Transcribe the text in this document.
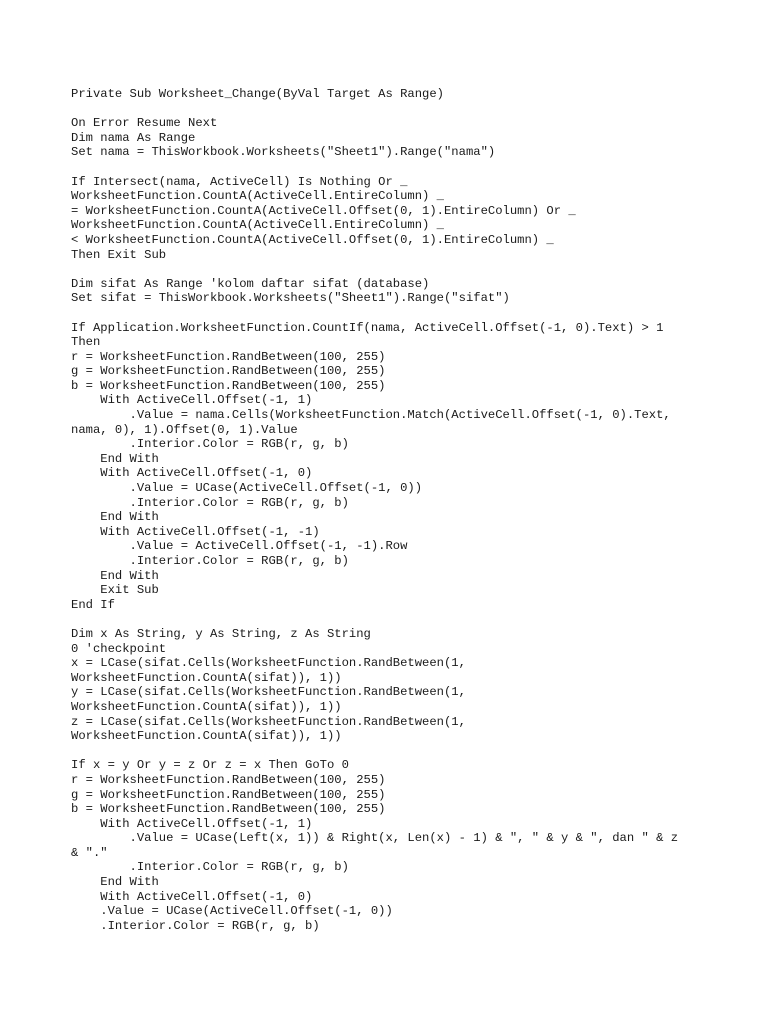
Private Sub Worksheet_Change(ByVal Target As Range)
On Error Resume Next
Dim nama As Range
Set nama = ThisWorkbook.Worksheets("Sheet1").Range("nama")
If Intersect(nama, ActiveCell) Is Nothing Or _
WorksheetFunction.CountA(ActiveCell.EntireColumn) _
= WorksheetFunction.CountA(ActiveCell.Offset(0, 1).EntireColumn) Or _
WorksheetFunction.CountA(ActiveCell.EntireColumn) _
< WorksheetFunction.CountA(ActiveCell.Offset(0, 1).EntireColumn) _
Then Exit Sub
Dim sifat As Range 'kolom daftar sifat (database)
Set sifat = ThisWorkbook.Worksheets("Sheet1").Range("sifat")
If Application.WorksheetFunction.CountIf(nama, ActiveCell.Offset(-1, 0).Text) > 1
Then
r = WorksheetFunction.RandBetween(100, 255)
g = WorksheetFunction.RandBetween(100, 255)
b = WorksheetFunction.RandBetween(100, 255)
With ActiveCell.Offset(-1, 1)
.Value = nama.Cells(WorksheetFunction.Match(ActiveCell.Offset(-1, 0).Text,
nama, 0), 1).Offset(0, 1).Value
.Interior.Color = RGB(r, g, b)
End With
With ActiveCell.Offset(-1, 0)
.Value = UCase(ActiveCell.Offset(-1, 0))
.Interior.Color = RGB(r, g, b)
End With
With ActiveCell.Offset(-1, -1)
.Value = ActiveCell.Offset(-1, -1).Row
.Interior.Color = RGB(r, g, b)
End With
Exit Sub
End If
Dim x As String, y As String, z As String
0 'checkpoint
x = LCase(sifat.Cells(WorksheetFunction.RandBetween(1,
WorksheetFunction.CountA(sifat)), 1))
y = LCase(sifat.Cells(WorksheetFunction.RandBetween(1,
WorksheetFunction.CountA(sifat)), 1))
z = LCase(sifat.Cells(WorksheetFunction.RandBetween(1,
WorksheetFunction.CountA(sifat)), 1))
If x = y Or y = z Or z = x Then GoTo 0
r = WorksheetFunction.RandBetween(100, 255)
g = WorksheetFunction.RandBetween(100, 255)
b = WorksheetFunction.RandBetween(100, 255)
With ActiveCell.Offset(-1, 1)
.Value = UCase(Left(x, 1)) & Right(x, Len(x) - 1) & ", " & y & ", dan " & z
& "."
.Interior.Color = RGB(r, g, b)
End With
With ActiveCell.Offset(-1, 0)
.Value = UCase(ActiveCell.Offset(-1, 0))
.Interior.Color = RGB(r, g, b)
